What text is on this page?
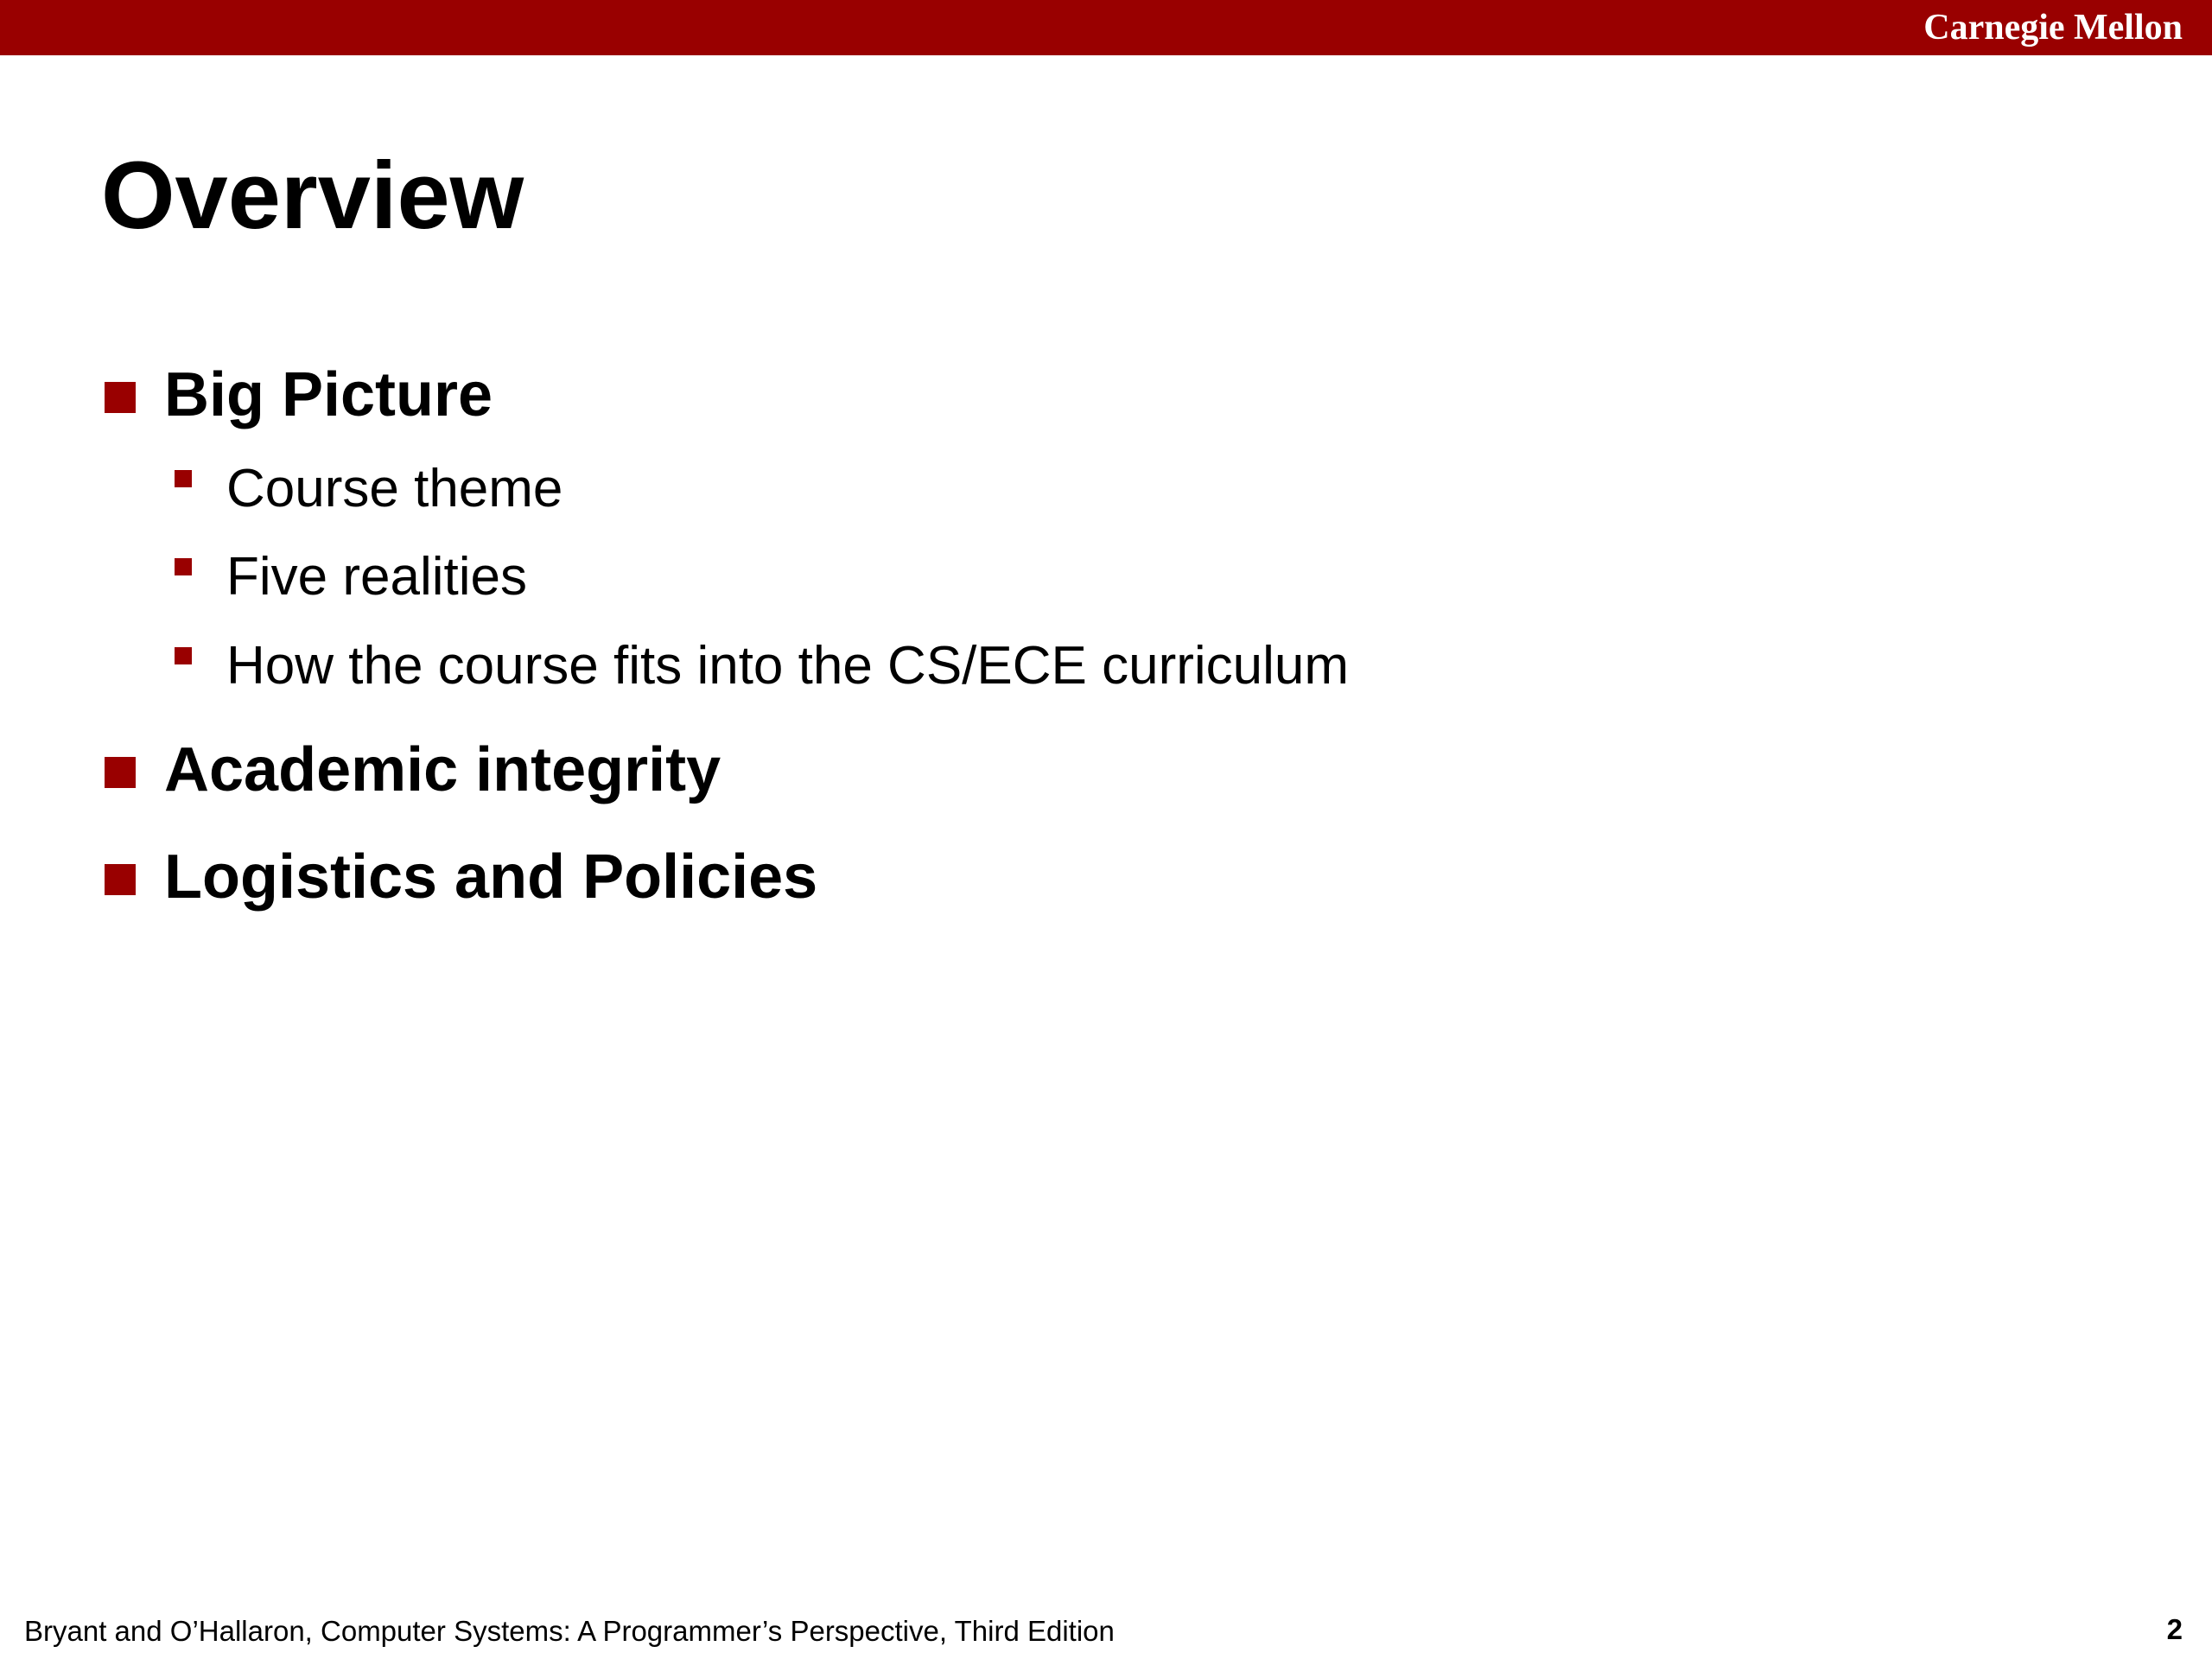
Carnegie Mellon
Overview
Big Picture
Course theme
Five realities
How the course fits into the CS/ECE curriculum
Academic integrity
Logistics and Policies
Bryant and O’Hallaron, Computer Systems: A Programmer’s Perspective, Third Edition	2
